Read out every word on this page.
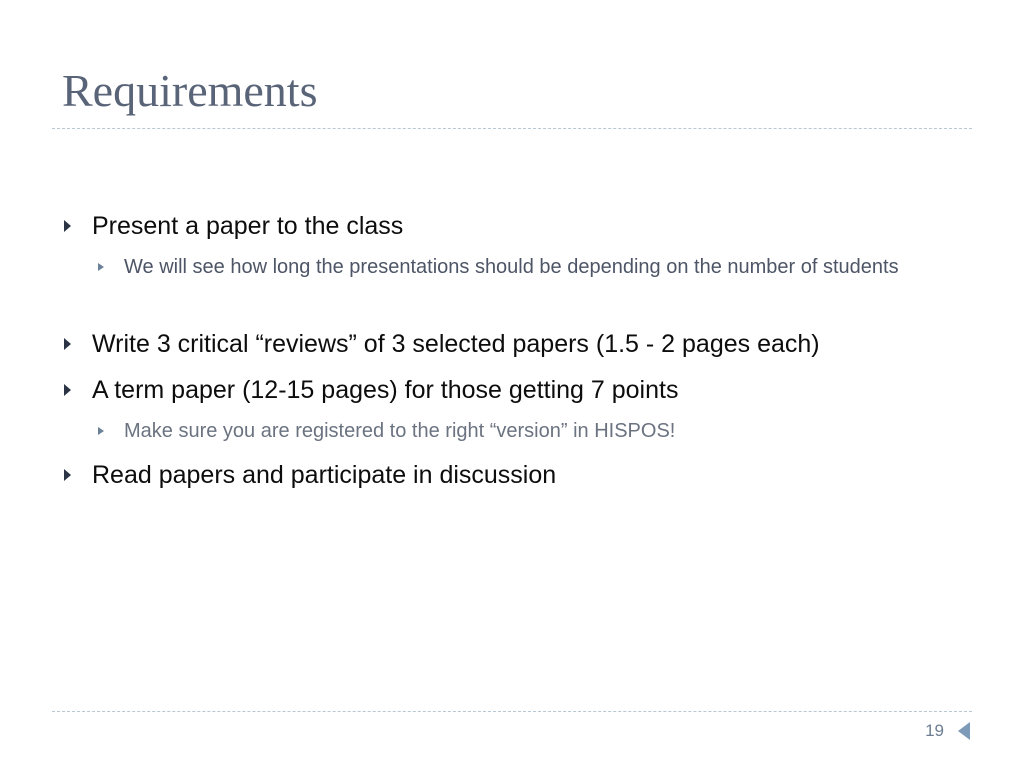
Requirements
Present a paper to the class
We will see how long the presentations should be depending on the number of students
Write 3 critical “reviews” of 3 selected papers (1.5 - 2 pages each)
A term paper (12-15 pages) for those getting 7 points
Make sure you are registered to the right “version” in HISPOS!
Read papers and participate in discussion
19
